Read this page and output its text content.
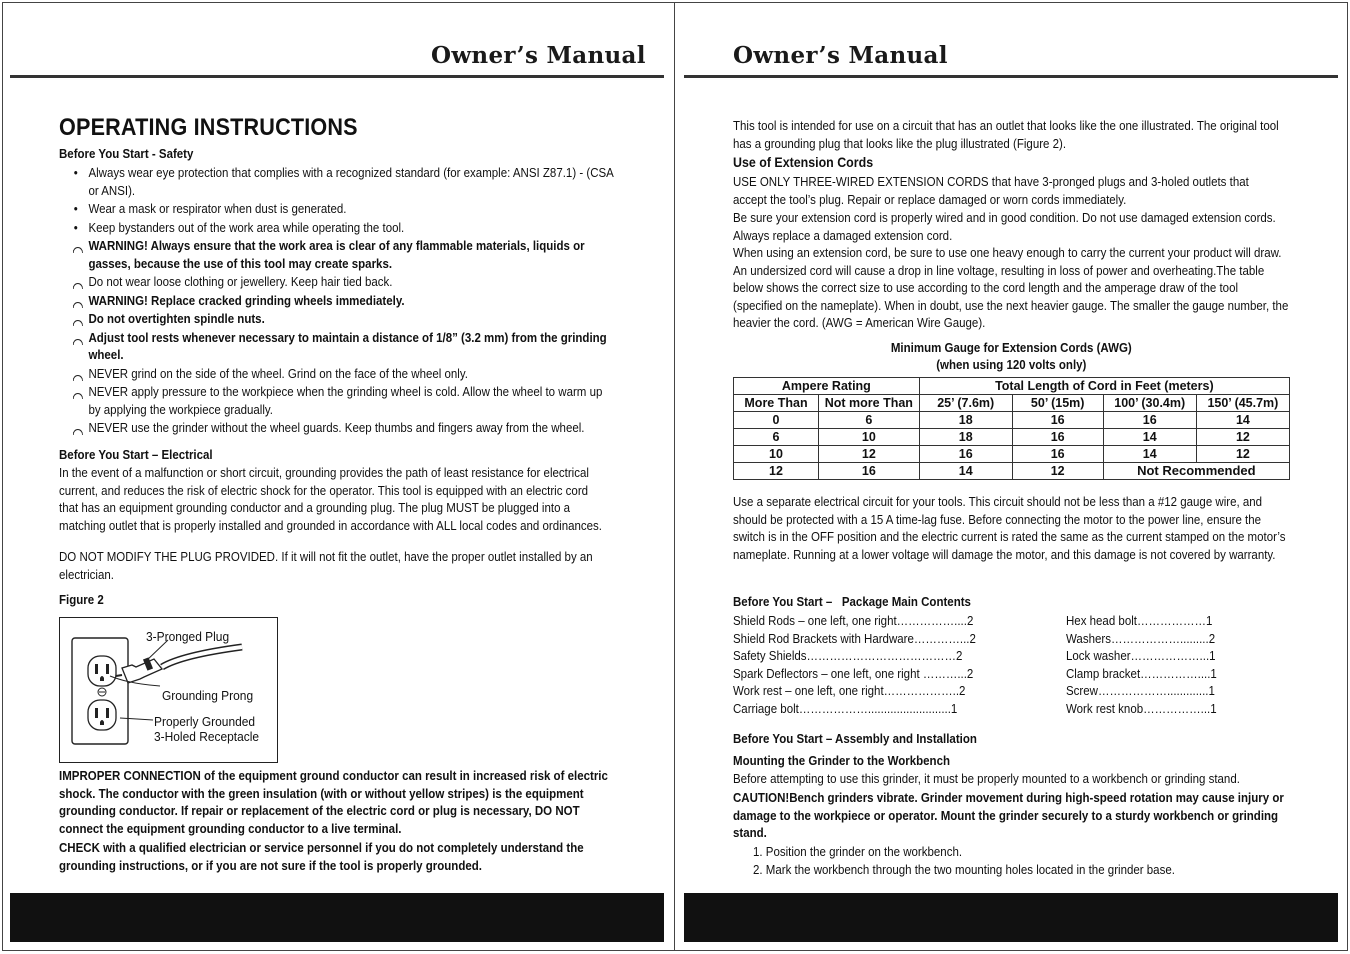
Owner’s Manual	Owner’s Manual
OPERATING INSTRUCTIONS
Before You Start - Safety
• Always wear eye protection that complies with a recognized standard (for example: ANSI Z87.1) - (CSA or ANSI).
• Wear a mask or respirator when dust is generated.
• Keep bystanders out of the work area while operating the tool.
WARNING! Always ensure that the work area is clear of any flammable materials, liquids or gasses, because the use of this tool may create sparks.
Do not wear loose clothing or jewellery. Keep hair tied back.
WARNING! Replace cracked grinding wheels immediately.
Do not overtighten spindle nuts.
Adjust tool rests whenever necessary to maintain a distance of 1/8” (3.2 mm) from the grinding wheel.
NEVER grind on the side of the wheel. Grind on the face of the wheel only.
NEVER apply pressure to the workpiece when the grinding wheel is cold. Allow the wheel to warm up by applying the workpiece gradually.
NEVER use the grinder without the wheel guards. Keep thumbs and fingers away from the wheel.
Before You Start – Electrical
In the event of a malfunction or short circuit, grounding provides the path of least resistance for electrical current, and reduces the risk of electric shock for the operator. This tool is equipped with an electric cord that has an equipment grounding conductor and a grounding plug. The plug MUST be plugged into a matching outlet that is properly installed and grounded in accordance with ALL local codes and ordinances.
DO NOT MODIFY THE PLUG PROVIDED. If it will not fit the outlet, have the proper outlet installed by an electrician.
Figure 2
3-Pronged Plug
Grounding Prong
Properly Grounded
3-Holed Receptacle
IMPROPER CONNECTION of the equipment ground conductor can result in increased risk of electric shock. The conductor with the green insulation (with or without yellow stripes) is the equipment grounding conductor. If repair or replacement of the electric cord or plug is necessary, DO NOT connect the equipment grounding conductor to a live terminal.
CHECK with a qualified electrician or service personnel if you do not completely understand the grounding instructions, or if you are not sure if the tool is properly grounded.
This tool is intended for use on a circuit that has an outlet that looks like the one illustrated. The original tool has a grounding plug that looks like the plug illustrated (Figure 2).
Use of Extension Cords
USE ONLY THREE-WIRED EXTENSION CORDS that have 3-pronged plugs and 3-holed outlets that accept the tool’s plug. Repair or replace damaged or worn cords immediately.
Be sure your extension cord is properly wired and in good condition. Do not use damaged extension cords. Always replace a damaged extension cord.
When using an extension cord, be sure to use one heavy enough to carry the current your product will draw. An undersized cord will cause a drop in line voltage, resulting in loss of power and overheating.The table below shows the correct size to use according to the cord length and the amperage draw of the tool (specified on the nameplate). When in doubt, use the next heavier gauge. The smaller the gauge number, the heavier the cord. (AWG = American Wire Gauge).
Minimum Gauge for Extension Cords (AWG)
(when using 120 volts only)
Ampere Rating		Total Length of Cord in Feet (meters)			
More Than	Not more Than	25’ (7.6m)	50’ (15m)	100’ (30.4m)	150’ (45.7m)
0	6	18	16	16	14
6	10	18	16	14	12
10	12	16	16	14	12
12	16	14	12	Not Recommended	
Use a separate electrical circuit for your tools. This circuit should not be less than a #12 gauge wire, and should be protected with a 15 A time-lag fuse. Before connecting the motor to the power line, ensure the switch is in the OFF position and the electric current is rated the same as the current stamped on the motor’s nameplate. Running at a lower voltage will damage the motor, and this damage is not covered by warranty.
Before You Start –   Package Main Contents
Shield Rods – one left, one right……………....2
Shield Rod Brackets with Hardware…………...2
Safety Shields…………………………………2
Spark Deflectors – one left, one right ………...2
Work rest – one left, one right………………..2
Carriage bolt………………..........................1
Hex head bolt………………1
Washers……………….........2
Lock washer………………...1
Clamp bracket……………....1
Screw……………….............1
Work rest knob……………...1
Before You Start – Assembly and Installation
Mounting the Grinder to the Workbench
Before attempting to use this grinder, it must be properly mounted to a workbench or grinding stand.
CAUTION!Bench grinders vibrate. Grinder movement during high-speed rotation may cause injury or damage to the workpiece or operator. Mount the grinder securely to a sturdy workbench or grinding stand.
1. Position the grinder on the workbench.
2. Mark the workbench through the two mounting holes located in the grinder base.
